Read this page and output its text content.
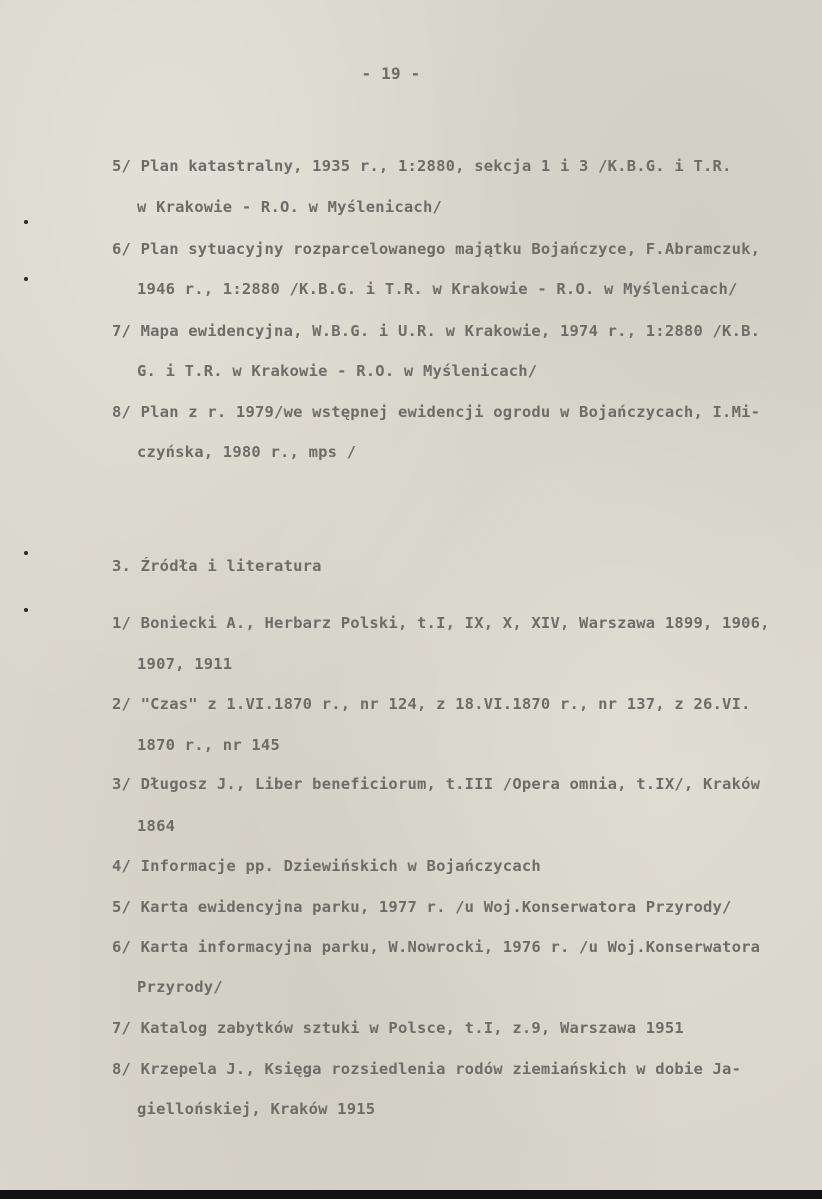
- 19 -
5/ Plan katastralny, 1935 r., 1:2880, sekcja 1 i 3 /K.B.G. i T.R.
w Krakowie - R.O. w Myślenicach/
6/ Plan sytuacyjny rozparcelowanego majątku Bojańczyce, F.Abramczuk,
1946 r., 1:2880 /K.B.G. i T.R. w Krakowie - R.O. w Myślenicach/
7/ Mapa ewidencyjna, W.B.G. i U.R. w Krakowie, 1974 r., 1:2880 /K.B.
G. i T.R. w Krakowie - R.O. w Myślenicach/
8/ Plan z r. 1979/we wstępnej ewidencji ogrodu w Bojańczycach, I.Mi-
czyńska, 1980 r., mps /
3. Źródła i literatura
1/ Boniecki A., Herbarz Polski, t.I, IX, X, XIV, Warszawa 1899, 1906,
1907, 1911
2/ "Czas" z 1.VI.1870 r., nr 124, z 18.VI.1870 r., nr 137, z 26.VI.
1870 r., nr 145
3/ Długosz J., Liber beneficiorum, t.III /Opera omnia, t.IX/, Kraków
1864
4/ Informacje pp. Dziewińskich w Bojańczycach
5/ Karta ewidencyjna parku, 1977 r. /u Woj.Konserwatora Przyrody/
6/ Karta informacyjna parku, W.Nowrocki, 1976 r. /u Woj.Konserwatora
Przyrody/
7/ Katalog zabytków sztuki w Polsce, t.I, z.9, Warszawa 1951
8/ Krzepela J., Księga rozsiedlenia rodów ziemiańskich w dobie Ja-
giellońskiej, Kraków 1915
